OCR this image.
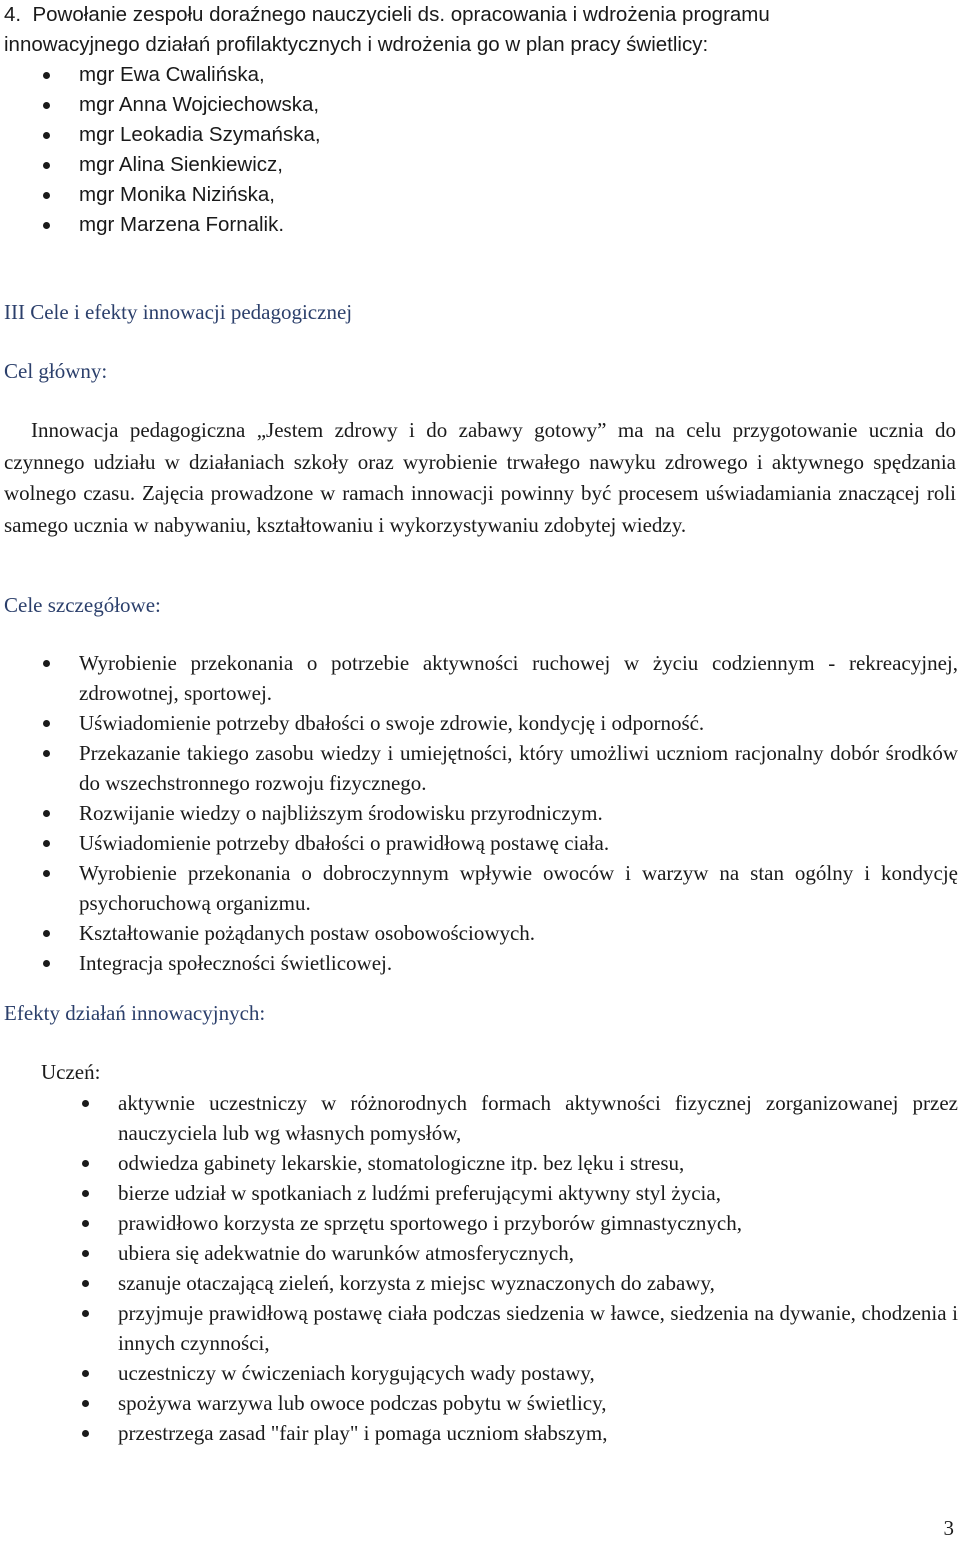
4.  Powołanie zespołu doraźnego nauczycieli ds. opracowania i wdrożenia programu

innowacyjnego działań profilaktycznych i wdrożenia go w plan pracy świetlicy:

mgr Ewa Cwalińska,
mgr Anna Wojciechowska,
mgr Leokadia Szymańska,
mgr Alina Sienkiewicz,
mgr Monika Nizińska,
mgr Marzena Fornalik.
III Cele i efekty innowacji pedagogicznej
Cel główny:
Innowacja pedagogiczna „Jestem zdrowy i do zabawy gotowy” ma na celu przygotowanie ucznia do czynnego udziału w działaniach szkoły oraz wyrobienie trwałego nawyku zdrowego i aktywnego spędzania wolnego czasu. Zajęcia prowadzone w ramach innowacji powinny być procesem uświadamiania znaczącej roli samego ucznia w nabywaniu, kształtowaniu i wykorzystywaniu zdobytej wiedzy.
Cele szczegółowe:
Wyrobienie przekonania o potrzebie aktywności ruchowej w życiu codziennym - rekreacyjnej, zdrowotnej, sportowej.
Uświadomienie potrzeby dbałości o swoje zdrowie, kondycję i odporność.
Przekazanie takiego zasobu wiedzy i umiejętności, który umożliwi uczniom racjonalny dobór środków do wszechstronnego rozwoju fizycznego.
Rozwijanie wiedzy o najbliższym środowisku przyrodniczym.
Uświadomienie potrzeby dbałości o prawidłową postawę ciała.
Wyrobienie przekonania o dobroczynnym wpływie owoców i warzyw na stan ogólny i kondycję psychoruchową organizmu.
Kształtowanie pożądanych postaw osobowościowych.
Integracja społeczności świetlicowej.
Efekty działań innowacyjnych:

Uczeń:

aktywnie uczestniczy w różnorodnych formach aktywności fizycznej zorganizowanej przez nauczyciela lub wg własnych pomysłów,
odwiedza gabinety lekarskie, stomatologiczne itp. bez lęku i stresu,
bierze udział w spotkaniach z ludźmi preferującymi aktywny styl życia,
prawidłowo korzysta ze sprzętu sportowego i przyborów gimnastycznych,
ubiera się adekwatnie do warunków atmosferycznych,
szanuje otaczającą zieleń, korzysta z miejsc wyznaczonych do zabawy,
przyjmuje prawidłową postawę ciała podczas siedzenia w ławce, siedzenia na dywanie, chodzenia i innych czynności,
uczestniczy w ćwiczeniach korygujących wady postawy,
spożywa warzywa lub owoce podczas pobytu w świetlicy,
przestrzega zasad "fair play" i pomaga uczniom słabszym,
3
